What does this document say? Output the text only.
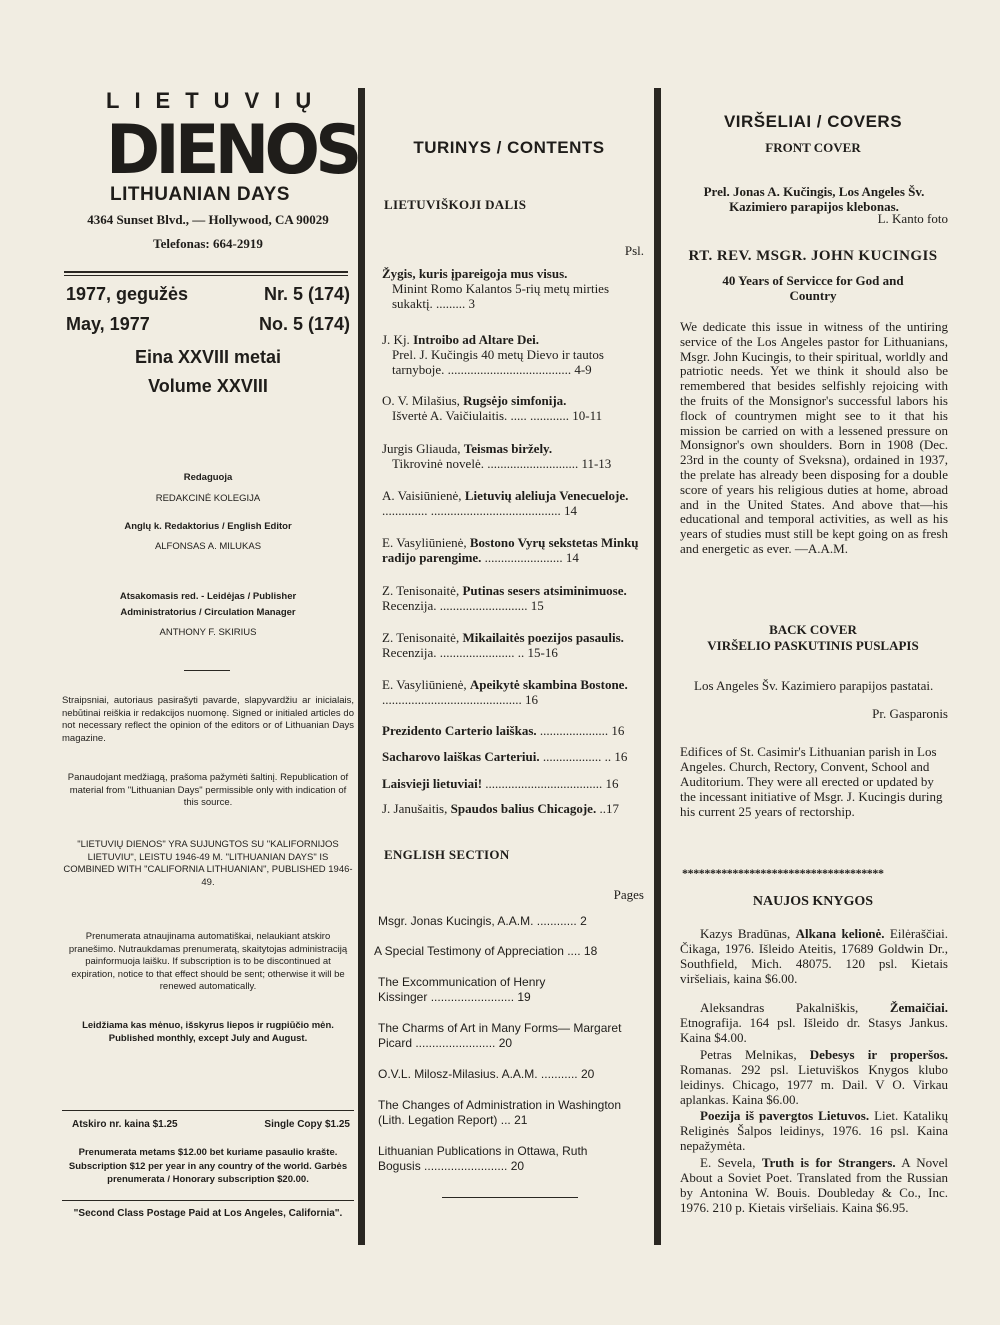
LIETUVIŲ
DIENOS
LITHUANIAN DAYS
4364 Sunset Blvd., — Hollywood, CA 90029
Telefonas: 664-2919
1977, gegužės	Nr. 5 (174)
May, 1977	No. 5 (174)
Eina XXVIII metai
Volume XXVIII
Redaguoja
REDAKCINĖ KOLEGIJA
Anglų k. Redaktorius / English Editor
ALFONSAS A. MILUKAS
Atsakomasis red. - Leidėjas / Publisher
Administratorius / Circulation Manager
ANTHONY F. SKIRIUS
Straipsniai, autoriaus pasirašyti pavarde, slapyvardžiu ar inicialais, nebūtinai reiškia ir redakcijos nuomonę. Signed or initialed articles do not necessary reflect the opinion of the editors or of Lithuanian Days magazine.
Panaudojant medžiagą, prašoma pažymėti šaltinį. Republication of material from "Lithuanian Days" permissible only with indication of this source.
"LIETUVIŲ DIENOS" YRA SUJUNGTOS SU "KALIFORNIJOS LIETUVIU", LEISTU 1946-49 M. "LITHUANIAN DAYS" IS COMBINED WITH "CALIFORNIA LITHUANIAN", PUBLISHED 1946-49.
Prenumerata atnaujinama automatiškai, nelaukiant atskiro pranešimo. Nutraukdamas prenumeratą, skaitytojas administraciją painformuoja laišku. If subscription is to be discontinued at expiration, notice to that effect should be sent; otherwise it will be renewed automatically.
Leidžiama kas mėnuo, išskyrus liepos ir rugpiūčio mėn. Published monthly, except July and August.
Atskiro nr. kaina $1.25	Single Copy $1.25
Prenumerata metams $12.00 bet kuriame pasaulio krašte. Subscription $12 per year in any country of the world. Garbės prenumerata / Honorary subscription $20.00.
"Second Class Postage Paid at Los Angeles, California".
TURINYS / CONTENTS
LIETUVIŠKOJI DALIS
Psl.
Žygis, kuris įpareigoja mus visus.
Minint Romo Kalantos 5-rių metų mirties sukaktį. ......... 3
J. Kj. Introibo ad Altare Dei.
Prel. J. Kučingis 40 metų Dievo ir tautos tarnyboje. ...................................... 4-9
O. V. Milašius, Rugsėjo simfonija.
Išvertė A. Vaičiulaitis. ..... ............ 10-11
Jurgis Gliauda, Teismas biržely.
Tikrovinė novelė. ............................ 11-13
A. Vaisiūnienė, Lietuvių aleliuja Venecueloje. .............. ........................................ 14
E. Vasyliūnienė, Bostono Vyrų sekstetas Minkų radijo parengime. ........................ 14
Z. Tenisonaitė, Putinas sesers atsiminimuose. Recenzija. ........................... 15
Z. Tenisonaitė, Mikailaitės poezijos pasaulis. Recenzija. ....................... .. 15-16
E. Vasyliūnienė, Apeikytė skambina Bostone. ........................................... 16
Prezidento Carterio laiškas. ..................... 16
Sacharovo laiškas Carteriui. .................. .. 16
Laisvieji lietuviai! .................................... 16
J. Janušaitis, Spaudos balius Chicagoje. ..17
ENGLISH SECTION
Pages
Msgr. Jonas Kucingis, A.A.M. ............ 2
A Special Testimony of Appreciation .... 18
The Excommunication of Henry Kissinger ......................... 19
The Charms of Art in Many Forms— Margaret Picard ........................ 20
O.V.L. Milosz-Milasius. A.A.M. ........... 20
The Changes of Administration in Washington (Lith. Legation Report) ... 21
Lithuanian Publications in Ottawa, Ruth Bogusis ......................... 20
VIRŠELIAI / COVERS
FRONT COVER
Prel. Jonas A. Kučingis, Los Angeles Šv. Kazimiero parapijos klebonas.
L. Kanto foto
RT. REV. MSGR. JOHN KUCINGIS
40 Years of Servicce for God and Country
We dedicate this issue in witness of the untiring service of the Los Angeles pastor for Lithuanians, Msgr. John Kucingis, to their spiritual, worldly and patriotic needs. Yet we think it should also be remembered that besides selfishly rejoicing with the fruits of the Monsignor's successful labors his flock of countrymen might see to it that his mission be carried on with a lessened pressure on Monsignor's own shoulders. Born in 1908 (Dec. 23rd in the county of Sveksna), ordained in 1937, the prelate has already been disposing for a double score of years his religious duties at home, abroad and in the United States. And above that—his educational and temporal activities, as well as his years of studies must still be kept going on as fresh and energetic as ever. —A.A.M.
BACK COVER
VIRŠELIO PASKUTINIS PUSLAPIS
Los Angeles Šv. Kazimiero parapijos pastatai.
Pr. Gasparonis
Edifices of St. Casimir's Lithuanian parish in Los Angeles. Church, Rectory, Convent, School and Auditorium. They were all erected or updated by the incessant initiative of Msgr. J. Kucingis during his current 25 years of rectorship.
************************************
NAUJOS KNYGOS
Kazys Bradūnas, Alkana kelionė. Eilėraščiai. Čikaga, 1976. Išleido Ateitis, 17689 Goldwin Dr., Southfield, Mich. 48075. 120 psl. Kietais viršeliais, kaina $6.00.
Aleksandras Pakalniškis, Žemaičiai. Etnografija. 164 psl. Išleido dr. Stasys Jankus. Kaina $4.00.
Petras Melnikas, Debesys ir properšos. Romanas. 292 psl. Lietuviškos Knygos klubo leidinys. Chicago, 1977 m. Dail. V O. Virkau aplankas. Kaina $6.00.
Poezija iš pavergtos Lietuvos. Liet. Katalikų Religinės Šalpos leidinys, 1976. 16 psl. Kaina nepažymėta.
E. Sevela, Truth is for Strangers. A Novel About a Soviet Poet. Translated from the Russian by Antonina W. Bouis. Doubleday & Co., Inc. 1976. 210 p. Kietais viršeliais. Kaina $6.95.
